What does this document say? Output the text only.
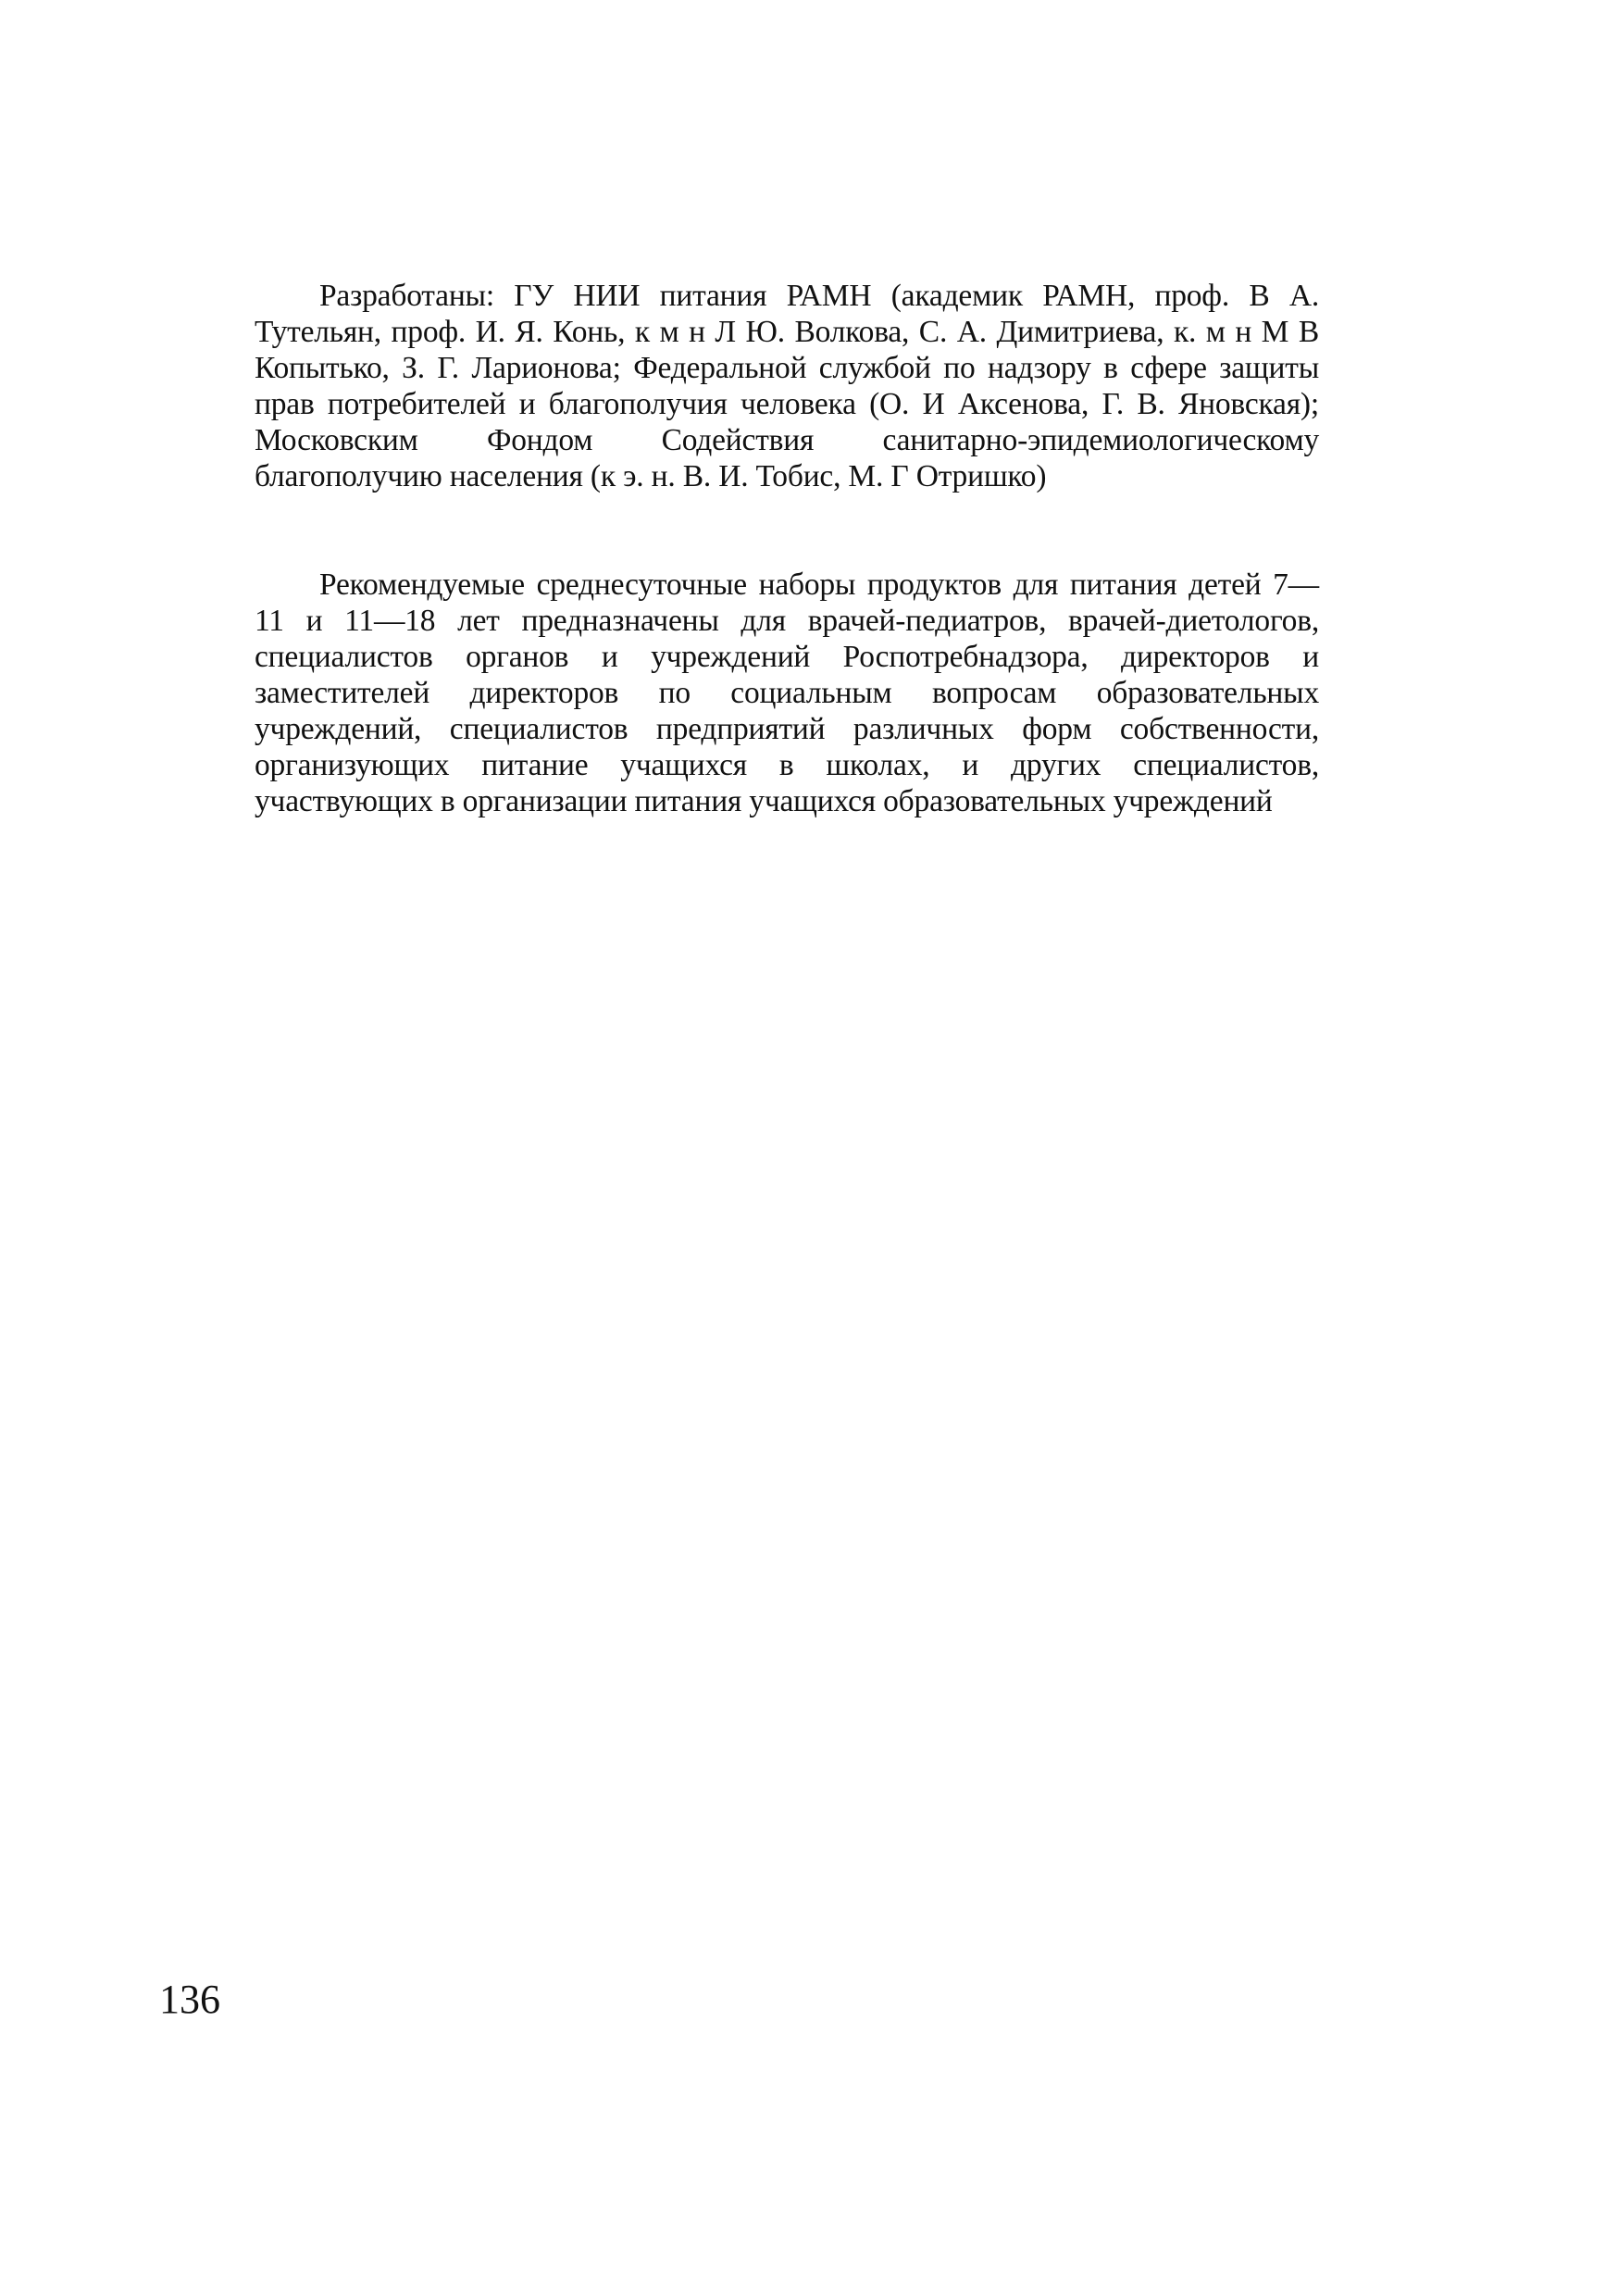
Разработаны: ГУ НИИ питания РАМН (академик РАМН, проф. В А. Тутельян, проф. И. Я. Конь, к м н Л Ю. Волкова, С. А. Димитриева, к. м н М В Копытько, З. Г. Ларионова; Федеральной службой по надзору в сфере защиты прав потребителей и благополучия человека (О. И Аксенова, Г. В. Яновская); Московским Фондом Содействия санитарно-эпидемиологическому благополучию населения (к э. н. В. И. Тобис, М. Г Отришко)

Рекомендуемые среднесуточные наборы продуктов для питания детей 7—11 и 11—18 лет предназначены для врачей-педиатров, врачей-диетологов, специалистов органов и учреждений Роспотребнадзора, директоров и заместителей директоров по социальным вопросам образовательных учреждений, специалистов предприятий различных форм собственности, организующих питание учащихся в школах, и других специалистов, участвующих в организации питания учащихся образовательных учреждений

136
